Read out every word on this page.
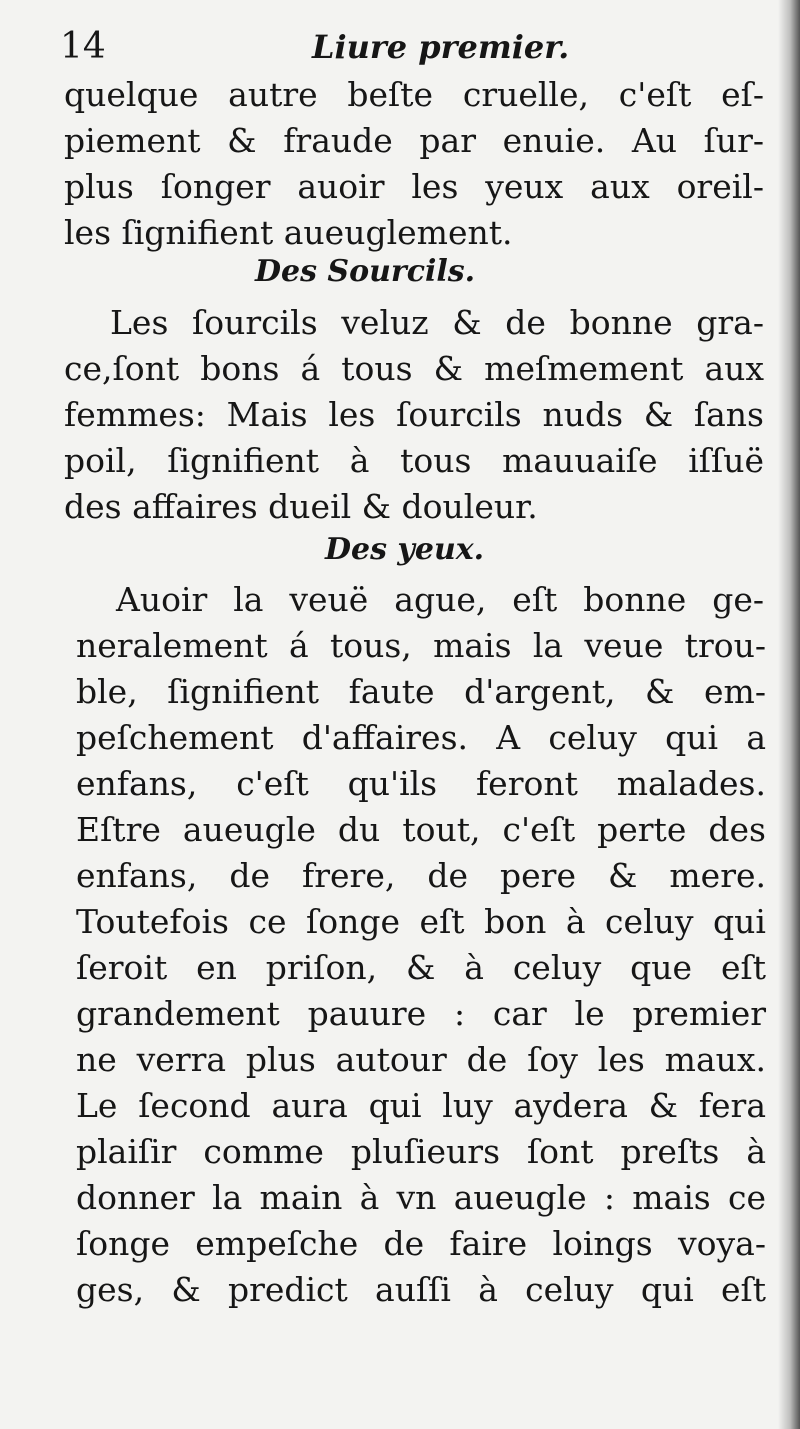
14	Liure premier.
quelque autre beſte cruelle, c'eſt eſ-
piement & fraude par enuie. Au ſur-
plus ſonger auoir les yeux aux oreil-
les ſignifient aueuglement.
Des Sourcils.
Les ſourcils veluz & de bonne gra-
ce,ſont bons á tous & meſmement aux
femmes: Mais les ſourcils nuds & ſans
poil, ſignifient à tous mauuaiſe iſſuë
des affaires dueil & douleur.
Des yeux.
Auoir la veuë ague, eſt bonne ge-
neralement á tous, mais la veue trou-
ble, ſignifient faute d'argent, & em-
peſchement d'affaires. A celuy qui a
enfans, c'eſt qu'ils feront malades.
Eſtre aueugle du tout, c'eſt perte des
enfans, de frere, de pere & mere.
Toutefois ce ſonge eſt bon à celuy qui
ſeroit en priſon, & à celuy que eſt
grandement pauure : car le premier
ne verra plus autour de ſoy les maux.
Le ſecond aura qui luy aydera & fera
plaiſir comme pluſieurs ſont preſts à
donner la main à vn aueugle : mais ce
ſonge empeſche de faire loings voya-
ges, & predict auſſi à celuy qui eſt
